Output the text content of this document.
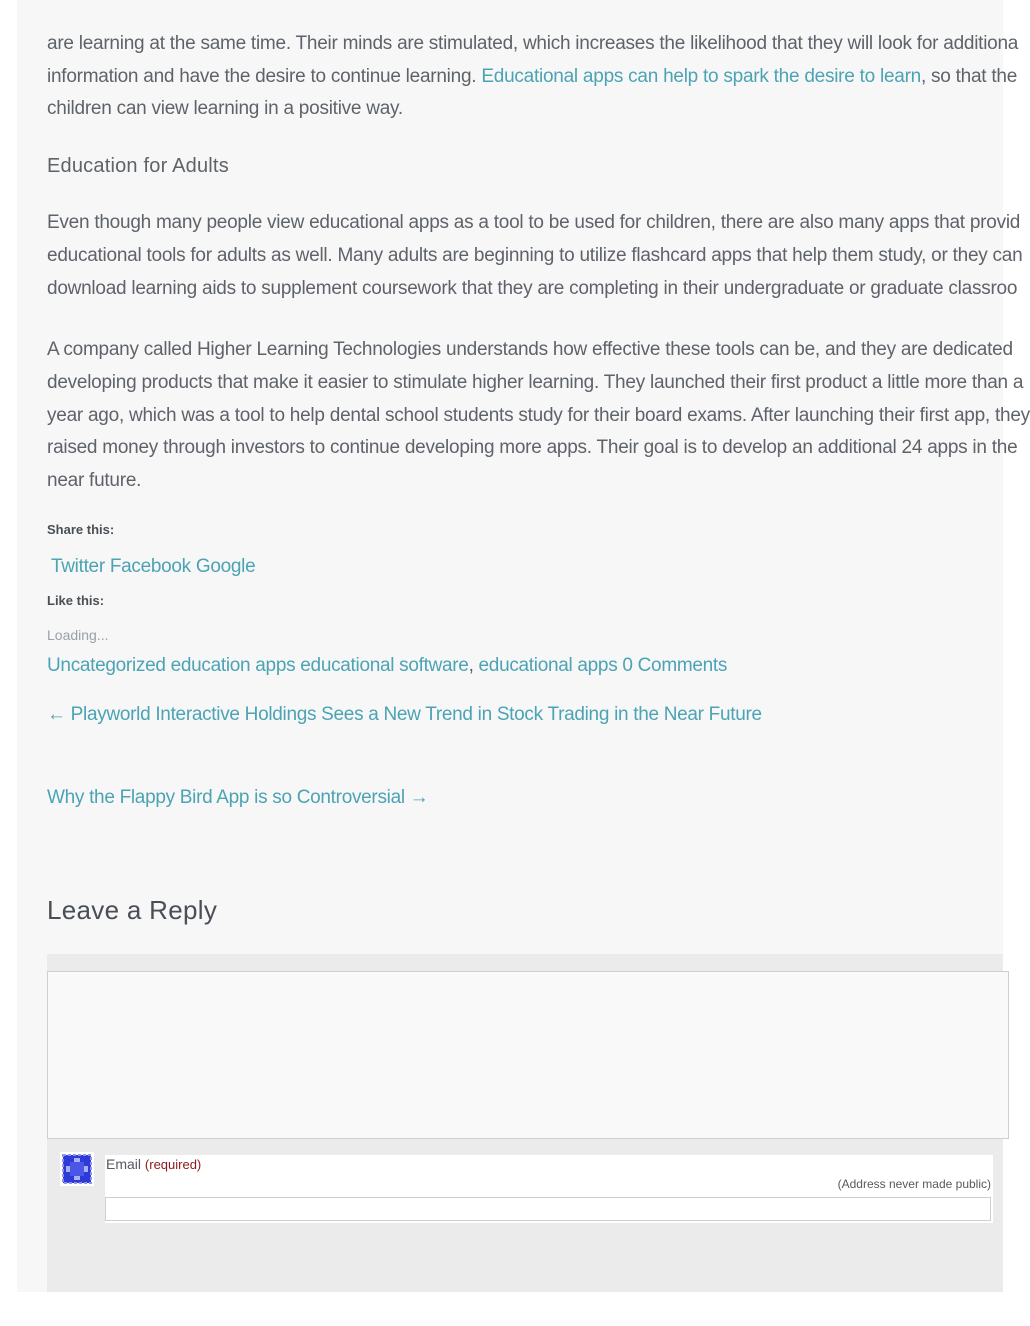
are learning at the same time. Their minds are stimulated, which increases the likelihood that they will look for additiona

information and have the desire to continue learning. Educational apps can help to spark the desire to learn, so that the

children can view learning in a positive way.

Education for Adults

Even though many people view educational apps as a tool to be used for children, there are also many apps that provid

educational tools for adults as well. Many adults are beginning to utilize flashcard apps that help them study, or they can

download learning aids to supplement coursework that they are completing in their undergraduate or graduate classroo

A company called Higher Learning Technologies understands how effective these tools can be, and they are dedicated

developing products that make it easier to stimulate higher learning. They launched their first product a little more than a

year ago, which was a tool to help dental school students study for their board exams. After launching their first app, they

raised money through investors to continue developing more apps. Their goal is to develop an additional 24 apps in the

near future.

Share this:
Twitter Facebook Google
Like this:
Loading...
Uncategorized education apps educational software, educational apps 0 Comments
← Playworld Interactive Holdings Sees a New Trend in Stock Trading in the Near Future
Why the Flappy Bird App is so Controversial →
Leave a Reply
Email (required)
(Address never made public)
